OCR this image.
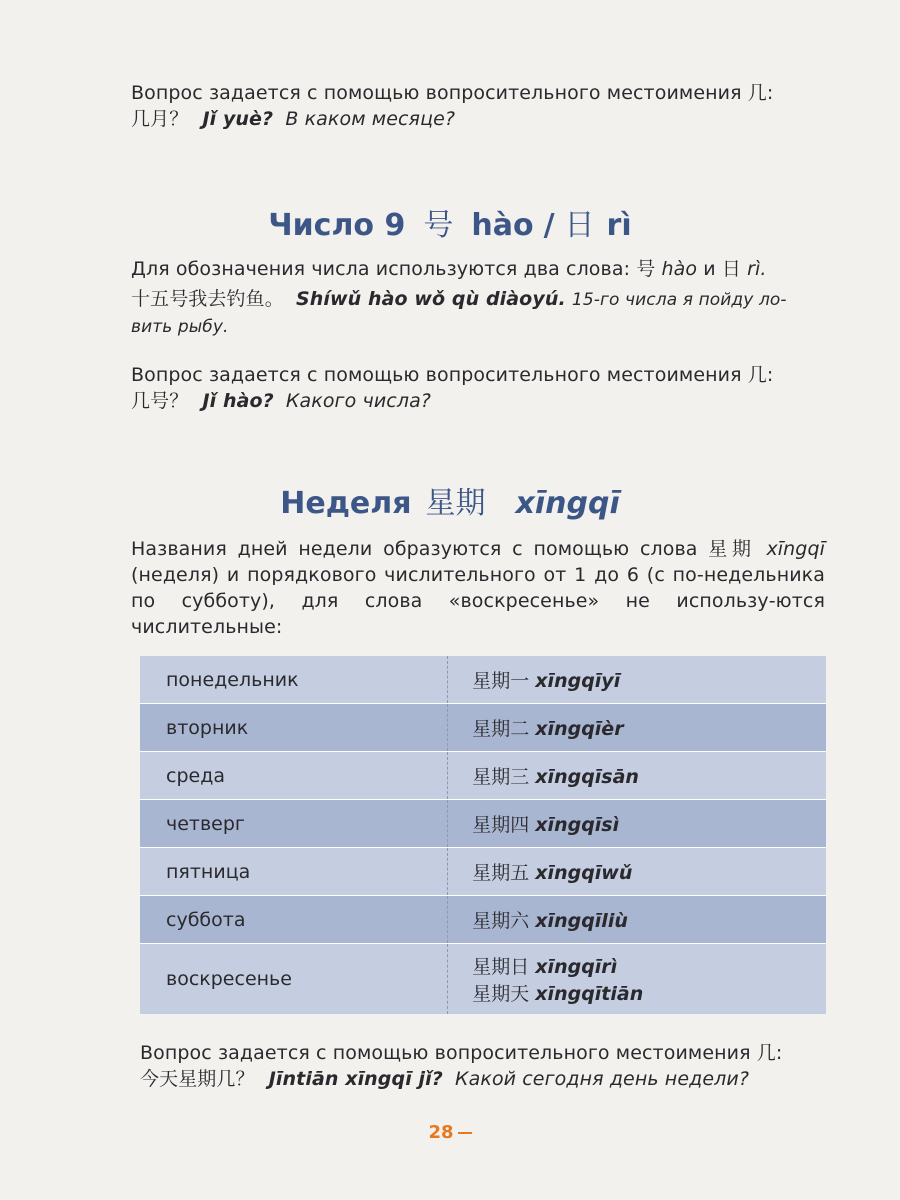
Вопрос задается с помощью вопросительного местоимения 几:
几月？ Jǐ yuè? В каком месяце?
Число 9 号 hào / 日 rì
Для обозначения числа используются два слова: 号 hào и 日 rì.
十五号我去钓鱼。 Shíwǔ hào wǒ qù diàoyú. 15-го числа я пойду ло-вить рыбу.
Вопрос задается с помощью вопросительного местоимения 几:
几号？ Jǐ hào? Какого числа?
Неделя 星期 xīngqī
Названия дней недели образуются с помощью слова 星期 xīngqī (неделя) и порядкового числительного от 1 до 6 (с по-недельника по субботу), для слова «воскресенье» не использу-ются числительные:
понедельник	星期一 xīngqīyī

вторник	星期二 xīngqīèr

среда	星期三 xīngqīsān

четверг	星期四 xīngqīsì

пятница	星期五 xīngqīwǔ

суббота	星期六 xīngqīliù

воскресенье	星期日 xīngqīrì
星期天 xīngqītiān
Вопрос задается с помощью вопросительного местоимения 几:
今天星期几？ Jīntiān xīngqī jǐ? Какой сегодня день недели?
28
